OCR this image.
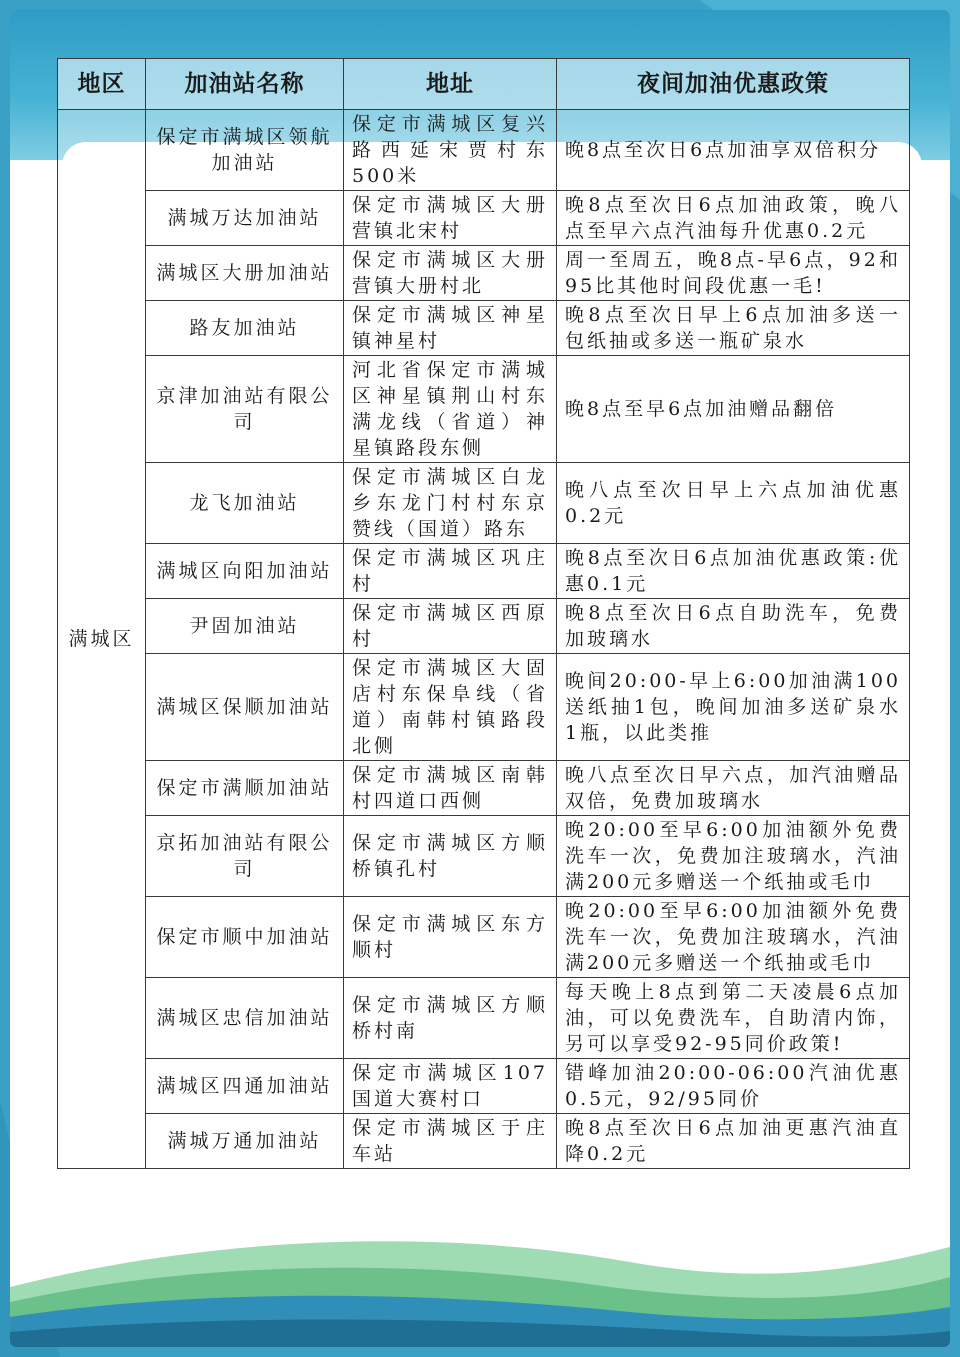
地区	加油站名称	地址	夜间加油优惠政策
满城区	保定市满城区领航加油站	保定市满城区复兴路西延宋贾村东500米	晚8点至次日6点加油享双倍积分
	满城万达加油站	保定市满城区大册营镇北宋村	晚8点至次日6点加油政策，晚八点至早六点汽油每升优惠0.2元
	满城区大册加油站	保定市满城区大册营镇大册村北	周一至周五，晚8点-早6点，92和95比其他时间段优惠一毛!
	路友加油站	保定市满城区神星镇神星村	晚8点至次日早上6点加油多送一包纸抽或多送一瓶矿泉水
	京津加油站有限公司	河北省保定市满城区神星镇荆山村东满龙线（省道）神星镇路段东侧	晚8点至早6点加油赠品翻倍
	龙飞加油站	保定市满城区白龙乡东龙门村村东京赞线（国道）路东	晚八点至次日早上六点加油优惠0.2元
	满城区向阳加油站	保定市满城区巩庄村	晚8点至次日6点加油优惠政策:优惠0.1元
	尹固加油站	保定市满城区西原村	晚8点至次日6点自助洗车，免费加玻璃水
	满城区保顺加油站	保定市满城区大固店村东保阜线（省道）南韩村镇路段北侧	晚间20:00-早上6:00加油满100送纸抽1包，晚间加油多送矿泉水1瓶，以此类推
	保定市满顺加油站	保定市满城区南韩村四道口西侧	晚八点至次日早六点，加汽油赠品双倍，免费加玻璃水
	京拓加油站有限公司	保定市满城区方顺桥镇孔村	晚20:00至早6:00加油额外免费洗车一次，免费加注玻璃水，汽油满200元多赠送一个纸抽或毛巾
	保定市顺中加油站	保定市满城区东方顺村	晚20:00至早6:00加油额外免费洗车一次，免费加注玻璃水，汽油满200元多赠送一个纸抽或毛巾
	满城区忠信加油站	保定市满城区方顺桥村南	每天晚上8点到第二天凌晨6点加油，可以免费洗车，自助清内饰，另可以享受92-95同价政策!
	满城区四通加油站	保定市满城区107国道大赛村口	错峰加油20:00-06:00汽油优惠0.5元，92/95同价
	满城万通加油站	保定市满城区于庄车站	晚8点至次日6点加油更惠汽油直降0.2元
